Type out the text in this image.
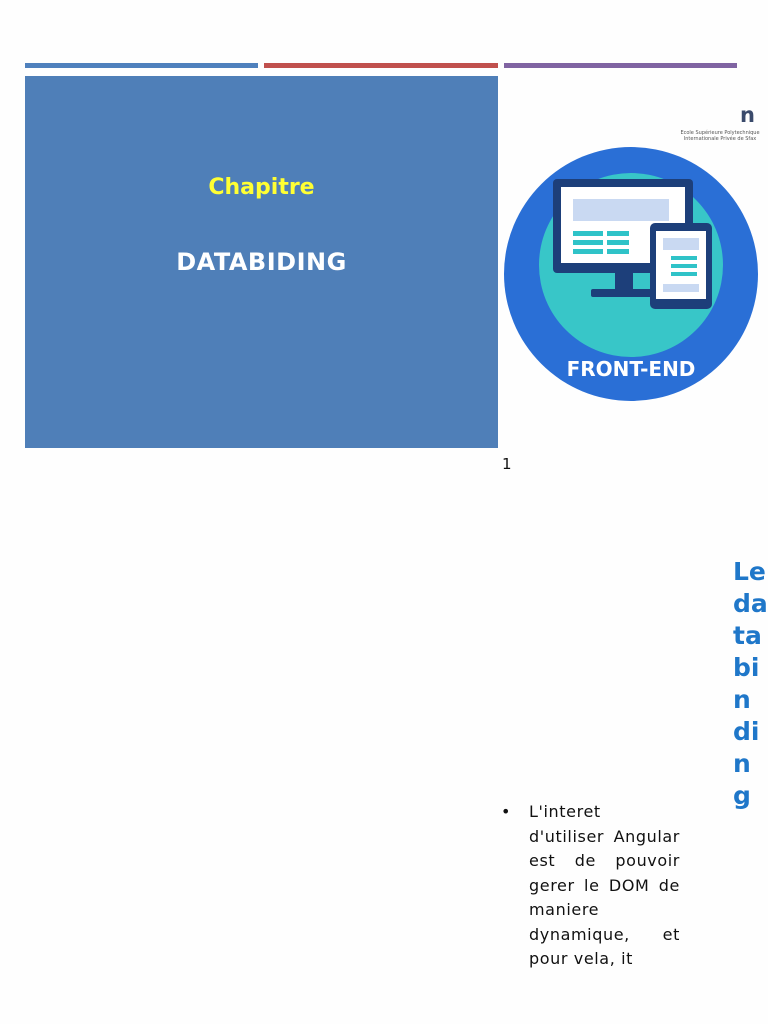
Chapitre
DATABIDING
n
Ecole Supérieure Polytechnique Internationale Privée de Sfax
FRONT-END
1
Le databinding
• L'interet d'utiliser Angular est de pouvoir gerer le DOM de maniere dynamique, et pour vela, it
